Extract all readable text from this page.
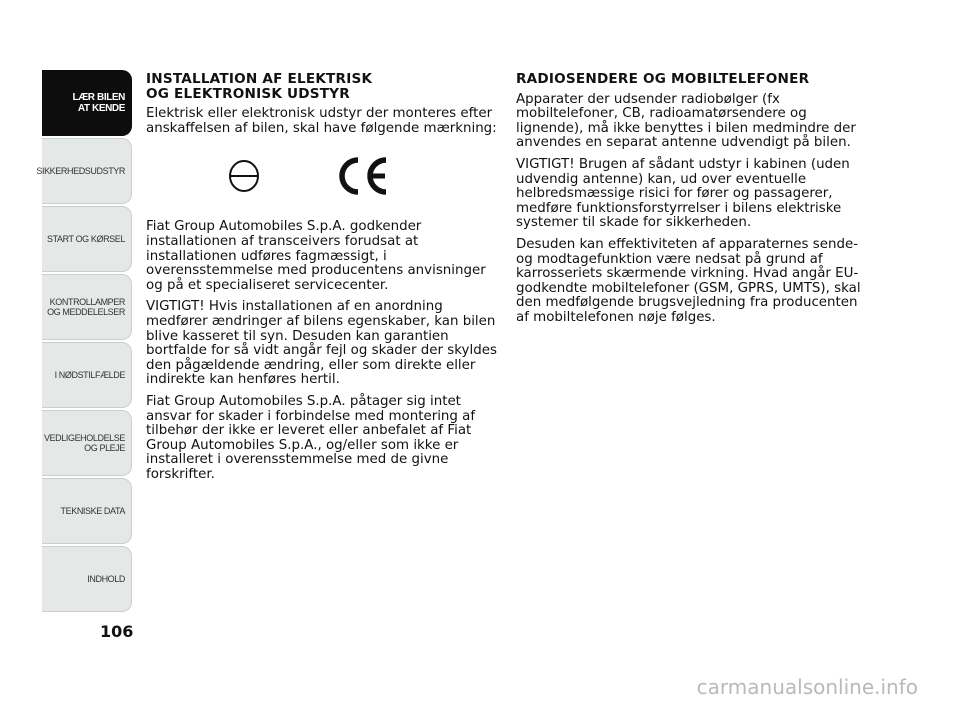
LÆR BILEN
AT KENDE
SIKKERHEDSUDSTYR
START OG KØRSEL
KONTROLLAMPER
OG MEDDELELSER
I NØDSTILFÆLDE
VEDLIGEHOLDELSE
OG PLEJE
TEKNISKE DATA
INDHOLD
106
INSTALLATION AF ELEKTRISK
OG ELEKTRONISK UDSTYR

Elektrisk eller elektronisk udstyr der monteres efter anskaffelsen af bilen, skal have følgende mærkning:

Fiat Group Automobiles S.p.A. godkender installationen af transceivers forudsat at installationen udføres fagmæssigt, i overensstemmelse med producentens anvisninger og på et specialiseret servicecenter.

VIGTIGT! Hvis installationen af en anordning medfører ændringer af bilens egenskaber, kan bilen blive kasseret til syn. Desuden kan garantien bortfalde for så vidt angår fejl og skader der skyldes den pågældende ændring, eller som direkte eller indirekte kan henføres hertil.

Fiat Group Automobiles S.p.A. påtager sig intet ansvar for skader i forbindelse med montering af tilbehør der ikke er leveret eller anbefalet af Fiat Group Automobiles S.p.A., og/eller som ikke er installeret i overensstemmelse med de givne forskrifter.

RADIOSENDERE OG MOBILTELEFONER

Apparater der udsender radiobølger (fx mobiltelefoner, CB, radioamatørsendere og lignende), må ikke benyttes i bilen medmindre der anvendes en separat antenne udvendigt på bilen.

VIGTIGT! Brugen af sådant udstyr i kabinen (uden udvendig antenne) kan, ud over eventuelle helbredsmæssige risici for fører og passagerer, medføre funktionsforstyrrelser i bilens elektriske systemer til skade for sikkerheden.

Desuden kan effektiviteten af apparaternes sende- og modtagefunktion være nedsat på grund af karrosseriets skærmende virkning. Hvad angår EU-godkendte mobiltelefoner (GSM, GPRS, UMTS), skal den medfølgende brugsvejledning fra producenten af mobiltelefonen nøje følges.

carmanualsonline.info
